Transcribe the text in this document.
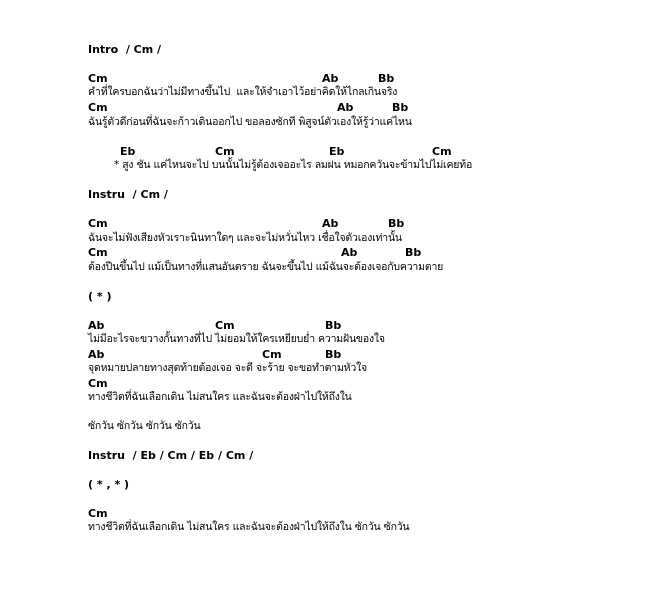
Intro  / Cm /
Cm	Ab	Bb
คำที่ใครบอกฉันว่าไม่มีทางขึ้นไป  และให้จำเอาไว้อย่าคิดให้ไกลเกินจริง
Cm	Ab	Bb
ฉันรู้ตัวดีก่อนที่ฉันจะก้าวเดินออกไป ขอลองซักที พิสูจน์ตัวเองให้รู้ว่าแค่ไหน
Eb	Cm	Eb	Cm
* สูง ชัน แค่ไหนจะไป บนนั้นไม่รู้ต้องเจออะไร ลมฝน หมอกควันจะข้ามไปไม่เคยท้อ
Instru  / Cm /
Cm	Ab	Bb
ฉันจะไม่ฟังเสียงหัวเราะนินทาใดๆ และจะไม่หวั่นไหว เชื่อใจตัวเองเท่านั้น
Cm	Ab	Bb
ต้องปีนขึ้นไป แม้เป็นทางที่แสนอันตราย ฉันจะขึ้นไป แม้ฉันจะต้องเจอกับความตาย
( * )
Ab	Cm	Bb
ไม่มีอะไรจะขวางกั้นทางที่ไป ไม่ยอมให้ใครเหยียบย่ำ ความฝันของใจ
Ab	Cm	Bb
จุดหมายปลายทางสุดท้ายต้องเจอ จะดี จะร้าย จะขอทำตามหัวใจ
Cm
ทางชีวิตที่ฉันเลือกเดิน ไม่สนใคร และฉันจะต้องฝ่าไปให้ถึงใน
ซักวัน ซักวัน ซักวัน ซักวัน
Instru  / Eb / Cm / Eb / Cm /
( * , * )
Cm
ทางชีวิตที่ฉันเลือกเดิน ไม่สนใคร และฉันจะต้องฝ่าไปให้ถึงใน ซักวัน ซักวัน
